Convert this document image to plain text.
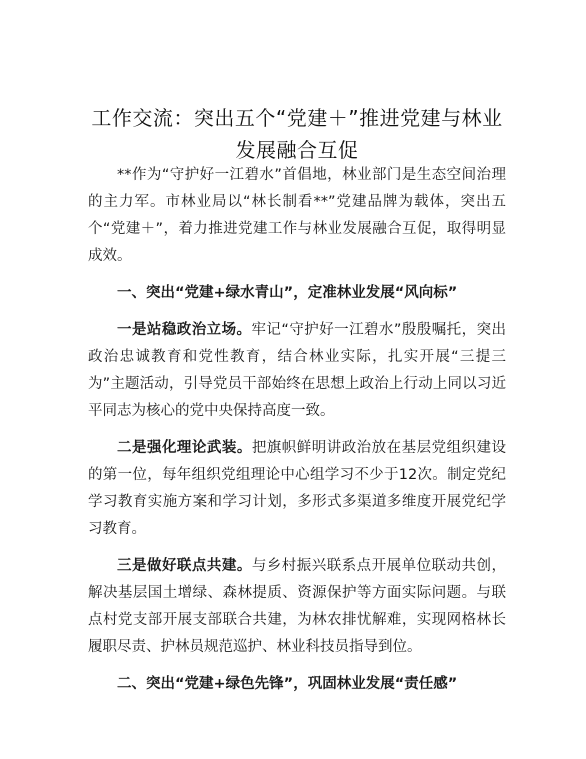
工作交流：突出五个“党建＋”推进党建与林业发展融合互促

**作为“守护好一江碧水”首倡地，林业部门是生态空间治理的主力军。市林业局以“林长制看**”党建品牌为载体，突出五个“党建＋”，着力推进党建工作与林业发展融合互促，取得明显成效。

一、突出“党建+绿水青山”，定准林业发展“风向标”

一是站稳政治立场。牢记“守护好一江碧水”殷殷嘱托，突出政治忠诚教育和党性教育，结合林业实际，扎实开展“三提三为”主题活动，引导党员干部始终在思想上政治上行动上同以习近平同志为核心的党中央保持高度一致。

二是强化理论武装。把旗帜鲜明讲政治放在基层党组织建设的第一位，每年组织党组理论中心组学习不少于12次。制定党纪学习教育实施方案和学习计划，多形式多渠道多维度开展党纪学习教育。

三是做好联点共建。与乡村振兴联系点开展单位联动共创，解决基层国土增绿、森林提质、资源保护等方面实际问题。与联点村党支部开展支部联合共建，为林农排忧解难，实现网格林长履职尽责、护林员规范巡护、林业科技员指导到位。

二、突出“党建+绿色先锋”，巩固林业发展“责任感”
